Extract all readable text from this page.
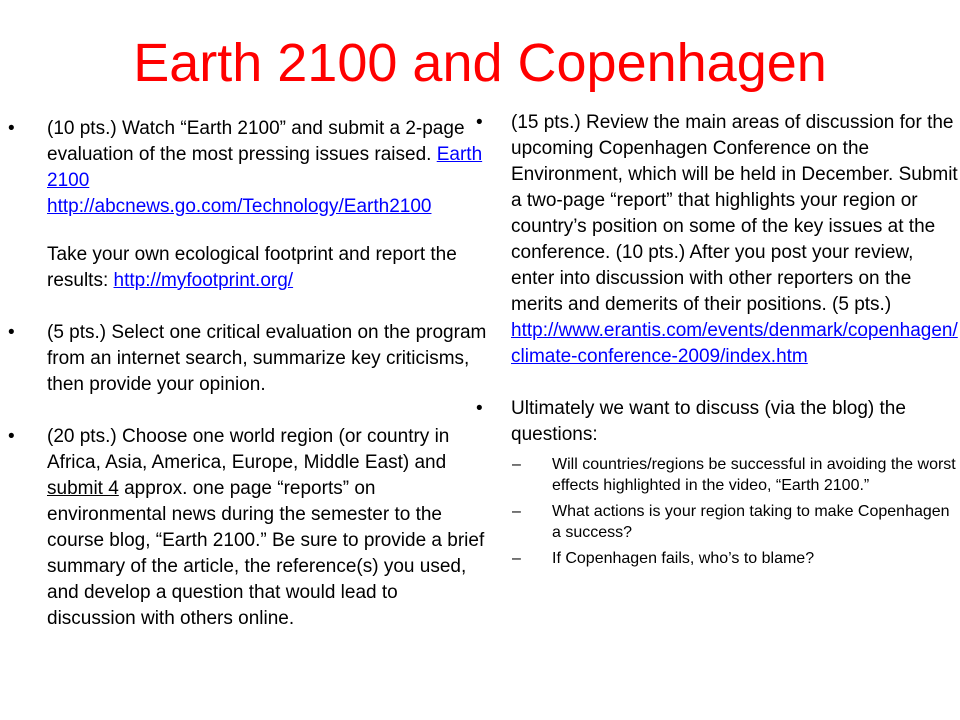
Earth 2100 and Copenhagen
• (10 pts.) Watch “Earth 2100” and submit a 2-page evaluation of the most pressing issues raised. Earth 2100
http://abcnews.go.com/Technology/Earth2100
Take your own ecological footprint and report the results: http://myfootprint.org/
• (5 pts.) Select one critical evaluation on the program from an internet search, summarize key criticisms, then provide your opinion.
• (20 pts.) Choose one world region (or country in Africa, Asia, America, Europe, Middle East) and submit 4 approx. one page “reports” on environmental news during the semester to the course blog, “Earth 2100.” Be sure to provide a brief summary of the article, the reference(s) you used, and develop a question that would lead to discussion with others online.
• (15 pts.) Review the main areas of discussion for the upcoming Copenhagen Conference on the Environment, which will be held in December. Submit a two-page “report” that highlights your region or country’s position on some of the key issues at the conference. (10 pts.) After you post your review, enter into discussion with other reporters on the merits and demerits of their positions. (5 pts.)
http://www.erantis.com/events/denmark/copenhagen/climate-conference-2009/index.htm
• Ultimately we want to discuss (via the blog) the questions:
– Will countries/regions be successful in avoiding the worst effects highlighted in the video, “Earth 2100.”
– What actions is your region taking to make Copenhagen a success?
– If Copenhagen fails, who’s to blame?
